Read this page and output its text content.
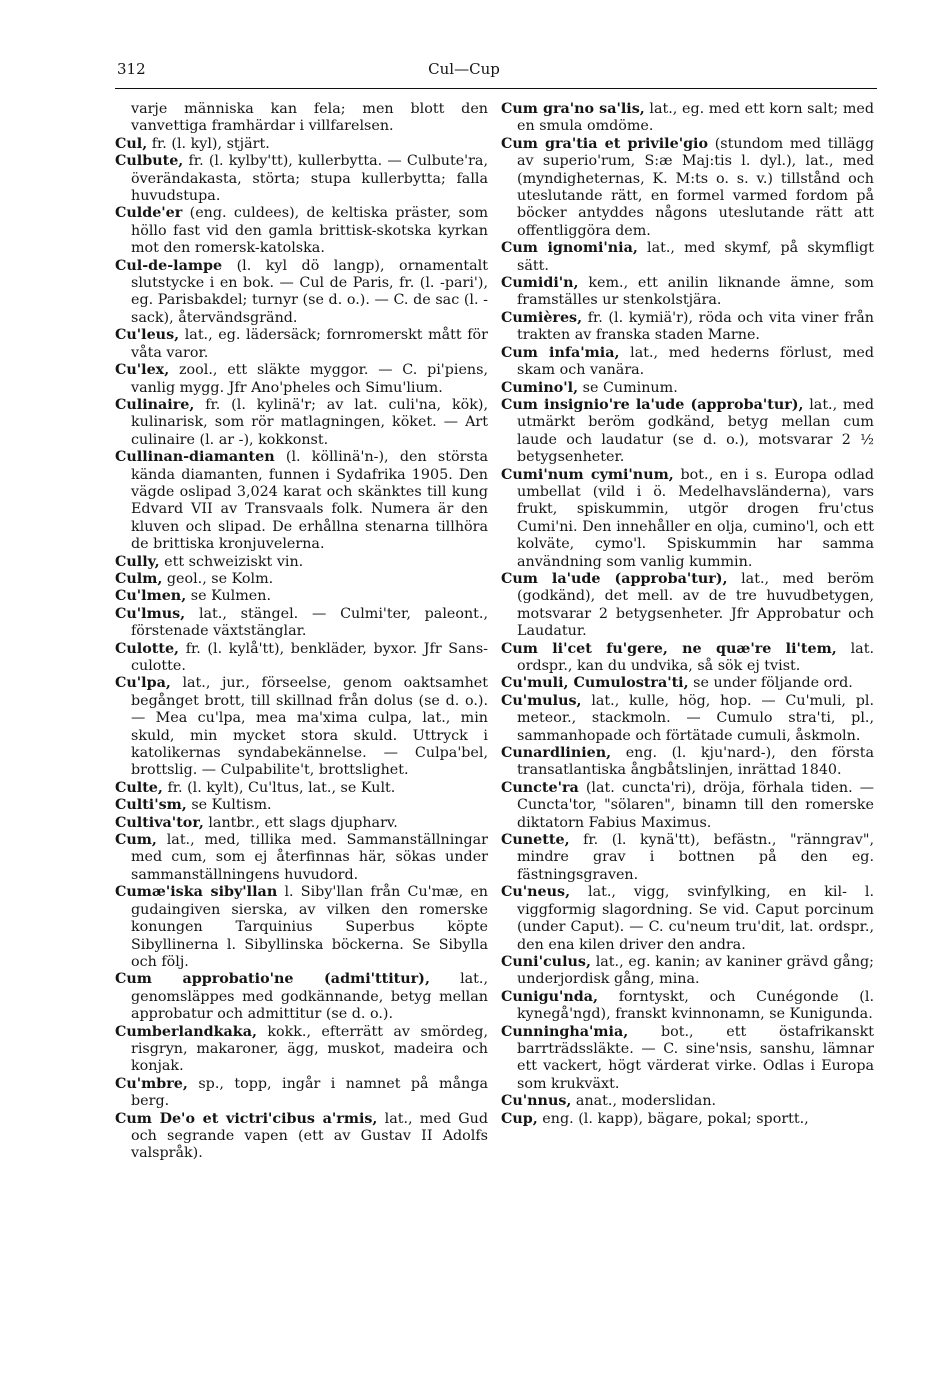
312	Cul—Cup

varje människa kan fela; men blott den vanvettiga framhärdar i villfarelsen.

Cul, fr. (l. kyl), stjärt.

Culbute, fr. (l. kylby'tt), kullerbytta. — Culbute'ra, överändakasta, störta; stupa kullerbytta; falla huvudstupa.

Culde'er (eng. culdees), de keltiska präster, som höllo fast vid den gamla brittisk-skotska kyrkan mot den romersk-katolska.

Cul-de-lampe (l. kyl dö langp), ornamentalt slutstycke i en bok. — Cul de Paris, fr. (l. -pari'), eg. Parisbakdel; turnyr (se d. o.). — C. de sac (l. - sack), återvändsgränd.

Cu'leus, lat., eg. lädersäck; fornromerskt mått för våta varor.

Cu'lex, zool., ett släkte myggor. — C. pi'piens, vanlig mygg. Jfr Ano'pheles och Simu'lium.

Culinaire, fr. (l. kylinä'r; av lat. culi'na, kök), kulinarisk, som rör matlagningen, köket. — Art culinaire (l. ar -), kokkonst.

Cullinan-diamanten (l. köllinä'n-), den största kända diamanten, funnen i Sydafrika 1905. Den vägde oslipad 3,024 karat och skänktes till kung Edvard VII av Transvaals folk. Numera är den kluven och slipad. De erhållna stenarna tillhöra de brittiska kronjuvelerna.

Cully, ett schweiziskt vin.

Culm, geol., se Kolm.

Cu'lmen, se Kulmen.

Cu'lmus, lat., stängel. — Culmi'ter, paleont., förstenade växtstänglar.

Culotte, fr. (l. kylå'tt), benkläder, byxor. Jfr Sans-culotte.

Cu'lpa, lat., jur., förseelse, genom oaktsamhet begånget brott, till skillnad från dolus (se d. o.). — Mea cu'lpa, mea ma'xima culpa, lat., min skuld, min mycket stora skuld. Uttryck i katolikernas syndabekännelse. — Culpa'bel, brottslig. — Culpabilite't, brottslighet.

Culte, fr. (l. kylt), Cu'ltus, lat., se Kult.

Culti'sm, se Kultism.

Cultiva'tor, lantbr., ett slags djupharv.

Cum, lat., med, tillika med. Sammanställningar med cum, som ej återfinnas här, sökas under sammanställningens huvudord.

Cumæ'iska siby'llan l. Siby'llan från Cu'mæ, en gudaingiven sierska, av vilken den romerske konungen Tarquinius Superbus köpte Sibyllinerna l. Sibyllinska böckerna. Se Sibylla och följ.

Cum approbatio'ne (admi'ttitur), lat., genomsläppes med godkännande, betyg mellan approbatur och admittitur (se d. o.).

Cumberlandkaka, kokk., efterrätt av smördeg, risgryn, makaroner, ägg, muskot, madeira och konjak.

Cu'mbre, sp., topp, ingår i namnet på många berg.

Cum De'o et victri'cibus a'rmis, lat., med Gud och segrande vapen (ett av Gustav II Adolfs valspråk).

Cum gra'no sa'lis, lat., eg. med ett korn salt; med en smula omdöme.

Cum gra'tia et privile'gio (stundom med tillägg av superio'rum, S:æ Maj:tis l. dyl.), lat., med (myndigheternas, K. M:ts o. s. v.) tillstånd och uteslutande rätt, en formel varmed fordom på böcker antyddes någons uteslutande rätt att offentliggöra dem.

Cum ignomi'nia, lat., med skymf, på skymfligt sätt.

Cumidi'n, kem., ett anilin liknande ämne, som framställes ur stenkolstjära.

Cumières, fr. (l. kymiä'r), röda och vita viner från trakten av franska staden Marne.

Cum infa'mia, lat., med hederns förlust, med skam och vanära.

Cumino'l, se Cuminum.

Cum insignio're la'ude (approba'tur), lat., med utmärkt beröm godkänd, betyg mellan cum laude och laudatur (se d. o.), motsvarar 2 ½ betygsenheter.

Cumi'num cymi'num, bot., en i s. Europa odlad umbellat (vild i ö. Medelhavsländerna), vars frukt, spiskummin, utgör drogen fru'ctus Cumi'ni. Den innehåller en olja, cumino'l, och ett kolväte, cymo'l. Spiskummin har samma användning som vanlig kummin.

Cum la'ude (approba'tur), lat., med beröm (godkänd), det mell. av de tre huvudbetygen, motsvarar 2 betygsenheter. Jfr Approbatur och Laudatur.

Cum li'cet fu'gere, ne quæ're li'tem, lat. ordspr., kan du undvika, så sök ej tvist.

Cu'muli, Cumulostra'ti, se under följande ord.

Cu'mulus, lat., kulle, hög, hop. — Cu'muli, pl. meteor., stackmoln. — Cumulo stra'ti, pl., sammanhopade och förtätade cumuli, åskmoln.

Cunardlinien, eng. (l. kju'nard-), den första transatlantiska ångbåtslinjen, inrättad 1840.

Cuncte'ra (lat. cuncta'ri), dröja, förhala tiden. — Cuncta'tor, "sölaren", binamn till den romerske diktatorn Fabius Maximus.

Cunette, fr. (l. kynä'tt), befästn., "ränngrav", mindre grav i bottnen på den eg. fästningsgraven.

Cu'neus, lat., vigg, svinfylking, en kil- l. viggformig slagordning. Se vid. Caput porcinum (under Caput). — C. cu'neum tru'dit, lat. ordspr., den ena kilen driver den andra.

Cuni'culus, lat., eg. kanin; av kaniner grävd gång; underjordisk gång, mina.

Cunigu'nda, forntyskt, och Cunégonde (l. kynegå'ngd), franskt kvinnonamn, se Kunigunda.

Cunningha'mia, bot., ett östafrikanskt barrträdssläkte. — C. sine'nsis, sanshu, lämnar ett vackert, högt värderat virke. Odlas i Europa som krukväxt.

Cu'nnus, anat., moderslidan.

Cup, eng. (l. kapp), bägare, pokal; sportt.,
